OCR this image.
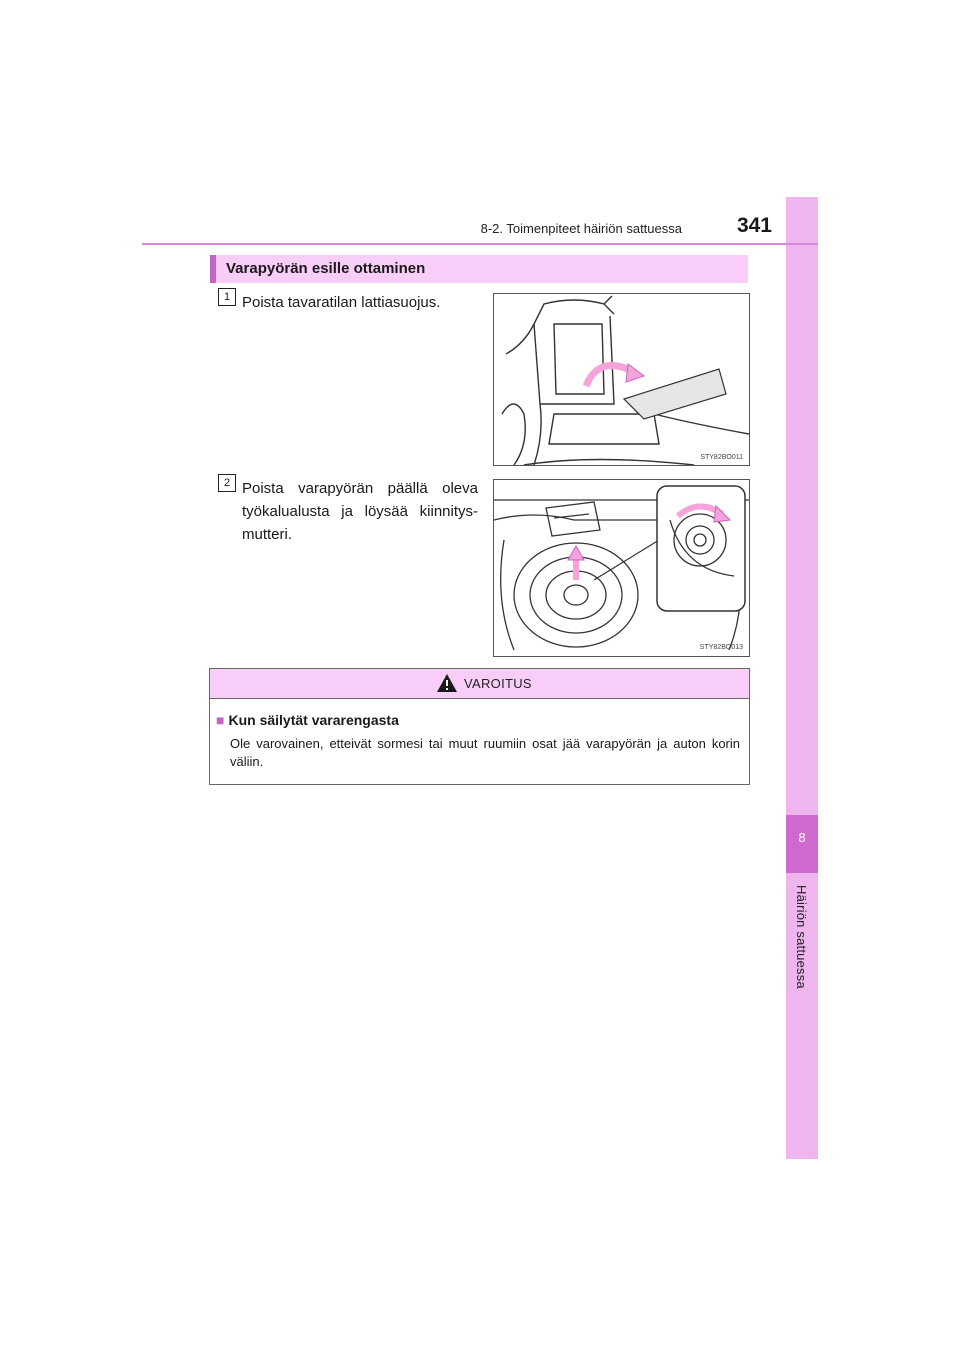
8
Häiriön sattuessa
8-2. Toimenpiteet häiriön sattuessa	341
Varapyörän esille ottaminen
1 Poista tavaratilan lattiasuojus.
STY82BO011
2 Poista varapyörän päällä oleva työkalualusta ja löysää kiinnitys-mutteri.
STY82BO013
VAROITUS
■ Kun säilytät vararengasta
Ole varovainen, etteivät sormesi tai muut ruumiin osat jää varapyörän ja auton korin väliin.
